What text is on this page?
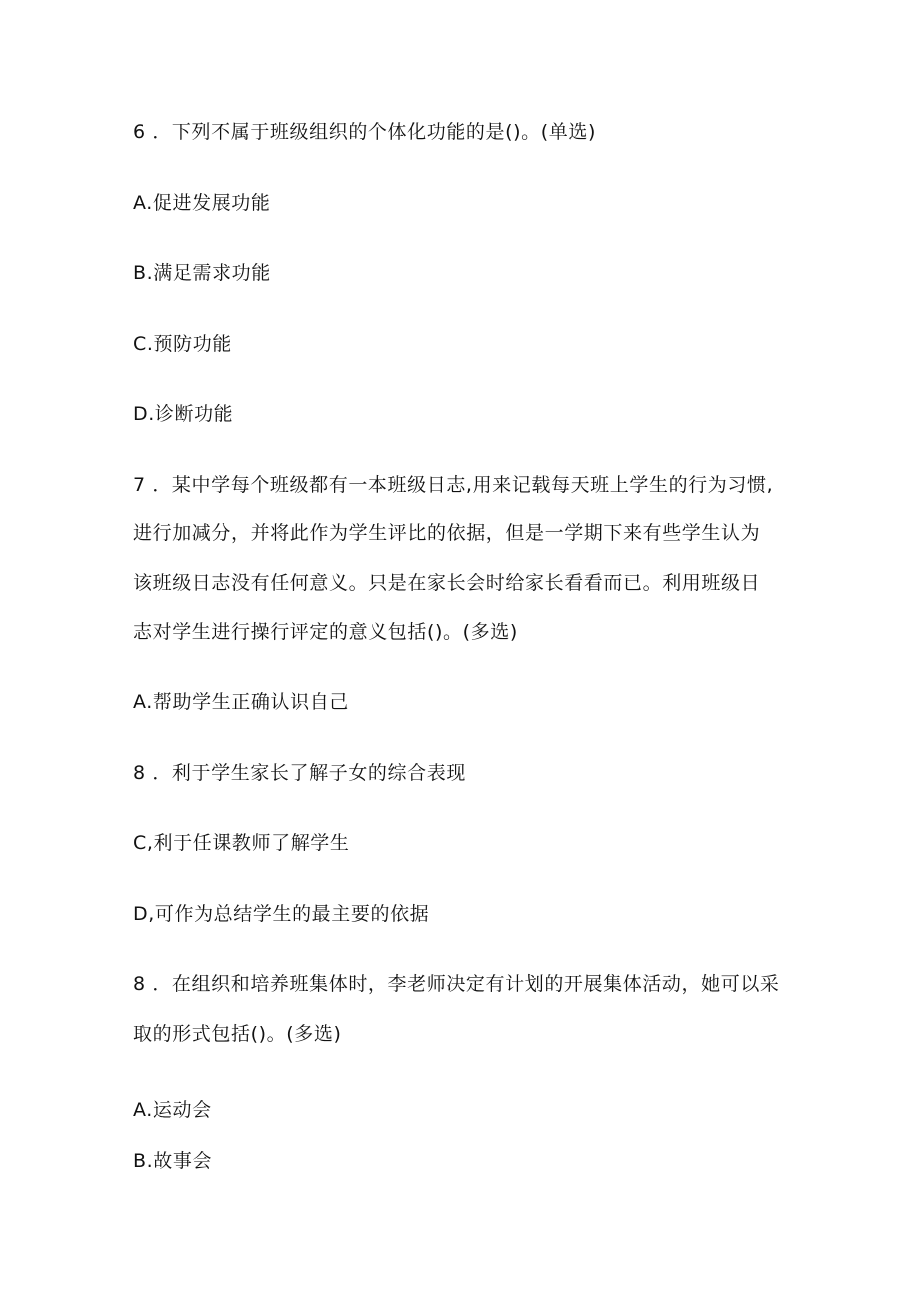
6 ．下列不属于班级组织的个体化功能的是()。(单选)
A.促进发展功能
B.满足需求功能
C.预防功能
D.诊断功能
7 ．某中学每个班级都有一本班级日志,用来记载每天班上学生的行为习惯,
进行加减分，并将此作为学生评比的依据，但是一学期下来有些学生认为
该班级日志没有任何意义。只是在家长会时给家长看看而已。利用班级日
志对学生进行操行评定的意义包括()。(多选)
A.帮助学生正确认识自己
8 ．利于学生家长了解子女的综合表现
C,利于任课教师了解学生
D,可作为总结学生的最主要的依据
8 ．在组织和培养班集体时，李老师决定有计划的开展集体活动，她可以采
取的形式包括()。(多选)
A.运动会
B.故事会
